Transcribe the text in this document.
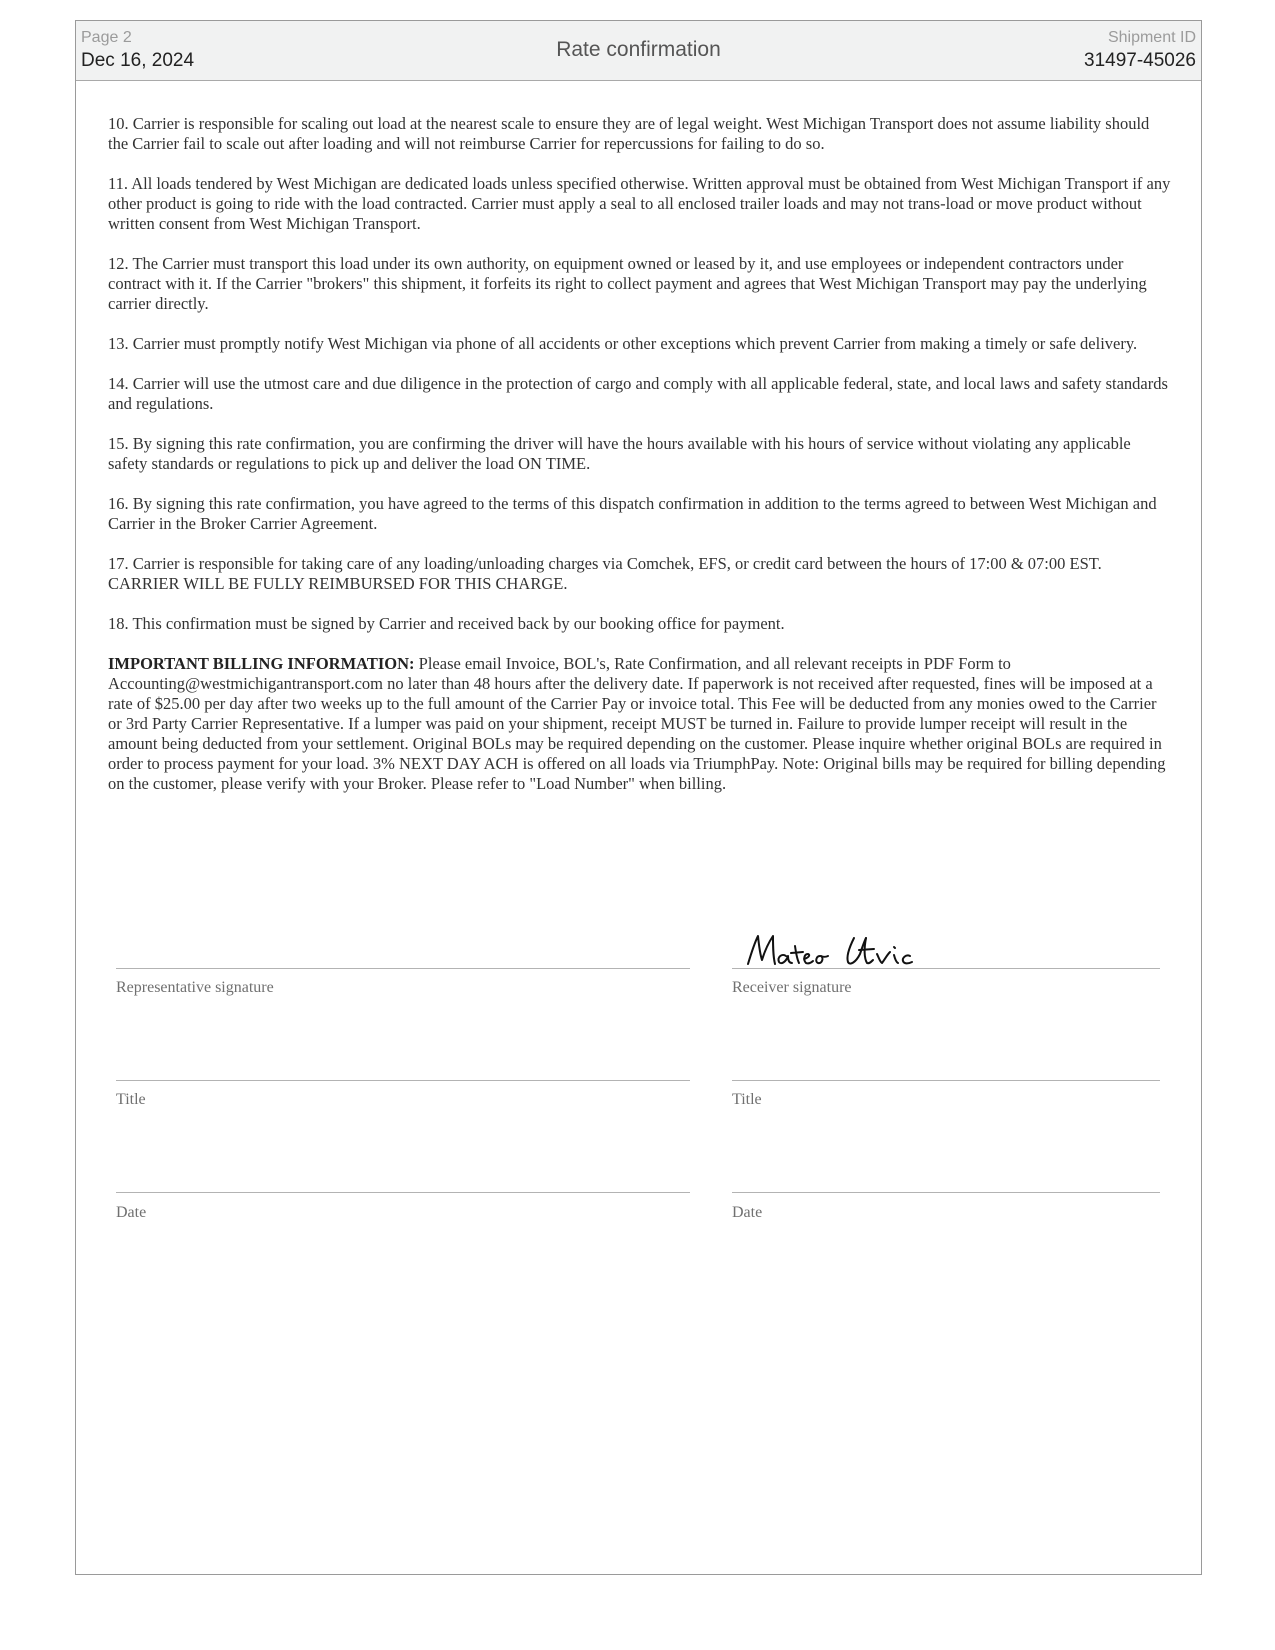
Page 2
Dec 16, 2024	Rate confirmation
Shipment ID
31497-45026

10. Carrier is responsible for scaling out load at the nearest scale to ensure they are of legal weight. West Michigan Transport does not assume liability should the Carrier fail to scale out after loading and will not reimburse Carrier for repercussions for failing to do so.

11. All loads tendered by West Michigan are dedicated loads unless specified otherwise. Written approval must be obtained from West Michigan Transport if any other product is going to ride with the load contracted. Carrier must apply a seal to all enclosed trailer loads and may not trans-load or move product without written consent from West Michigan Transport.

12. The Carrier must transport this load under its own authority, on equipment owned or leased by it, and use employees or independent contractors under contract with it. If the Carrier "brokers" this shipment, it forfeits its right to collect payment and agrees that West Michigan Transport may pay the underlying carrier directly.

13. Carrier must promptly notify West Michigan via phone of all accidents or other exceptions which prevent Carrier from making a timely or safe delivery.

14. Carrier will use the utmost care and due diligence in the protection of cargo and comply with all applicable federal, state, and local laws and safety standards and regulations.

15. By signing this rate confirmation, you are confirming the driver will have the hours available with his hours of service without violating any applicable safety standards or regulations to pick up and deliver the load ON TIME.

16. By signing this rate confirmation, you have agreed to the terms of this dispatch confirmation in addition to the terms agreed to between West Michigan and Carrier in the Broker Carrier Agreement.

17. Carrier is responsible for taking care of any loading/unloading charges via Comchek, EFS, or credit card between the hours of 17:00 & 07:00 EST. CARRIER WILL BE FULLY REIMBURSED FOR THIS CHARGE.

18. This confirmation must be signed by Carrier and received back by our booking office for payment.

IMPORTANT BILLING INFORMATION: Please email Invoice, BOL's, Rate Confirmation, and all relevant receipts in PDF Form to Accounting@westmichigantransport.com no later than 48 hours after the delivery date. If paperwork is not received after requested, fines will be imposed at a rate of $25.00 per day after two weeks up to the full amount of the Carrier Pay or invoice total. This Fee will be deducted from any monies owed to the Carrier or 3rd Party Carrier Representative. If a lumper was paid on your shipment, receipt MUST be turned in. Failure to provide lumper receipt will result in the amount being deducted from your settlement. Original BOLs may be required depending on the customer. Please inquire whether original BOLs are required in order to process payment for your load. 3% NEXT DAY ACH is offered on all loads via TriumphPay. Note: Original bills may be required for billing depending on the customer, please verify with your Broker. Please refer to "Load Number" when billing.

Representative signature	Receiver signature
Title	Title
Date	Date
